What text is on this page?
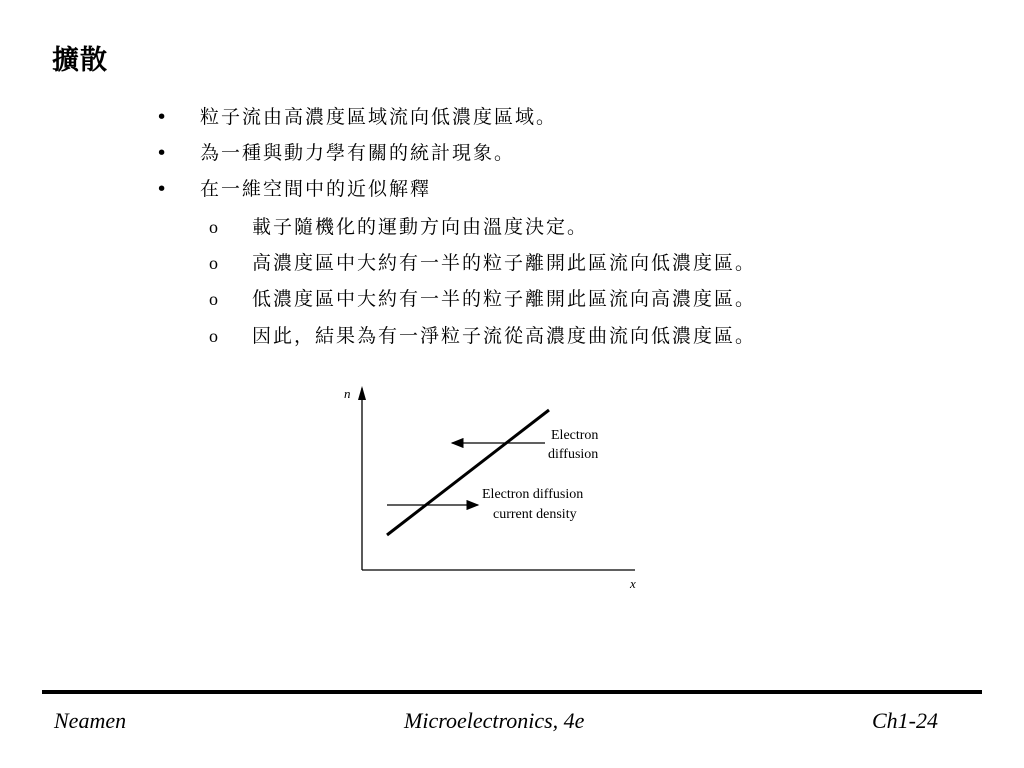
擴散
• 粒子流由高濃度區域流向低濃度區域。
• 為一種與動力學有關的統計現象。
• 在一維空間中的近似解釋
o 載子隨機化的運動方向由溫度決定。
o 高濃度區中大約有一半的粒子離開此區流向低濃度區。
o 低濃度區中大約有一半的粒子離開此區流向高濃度區。
o 因此，結果為有一淨粒子流從高濃度曲流向低濃度區。
n
x
Electron
diffusion
Electron diffusion
current density
Neamen	Microelectronics, 4e	Ch1-24
